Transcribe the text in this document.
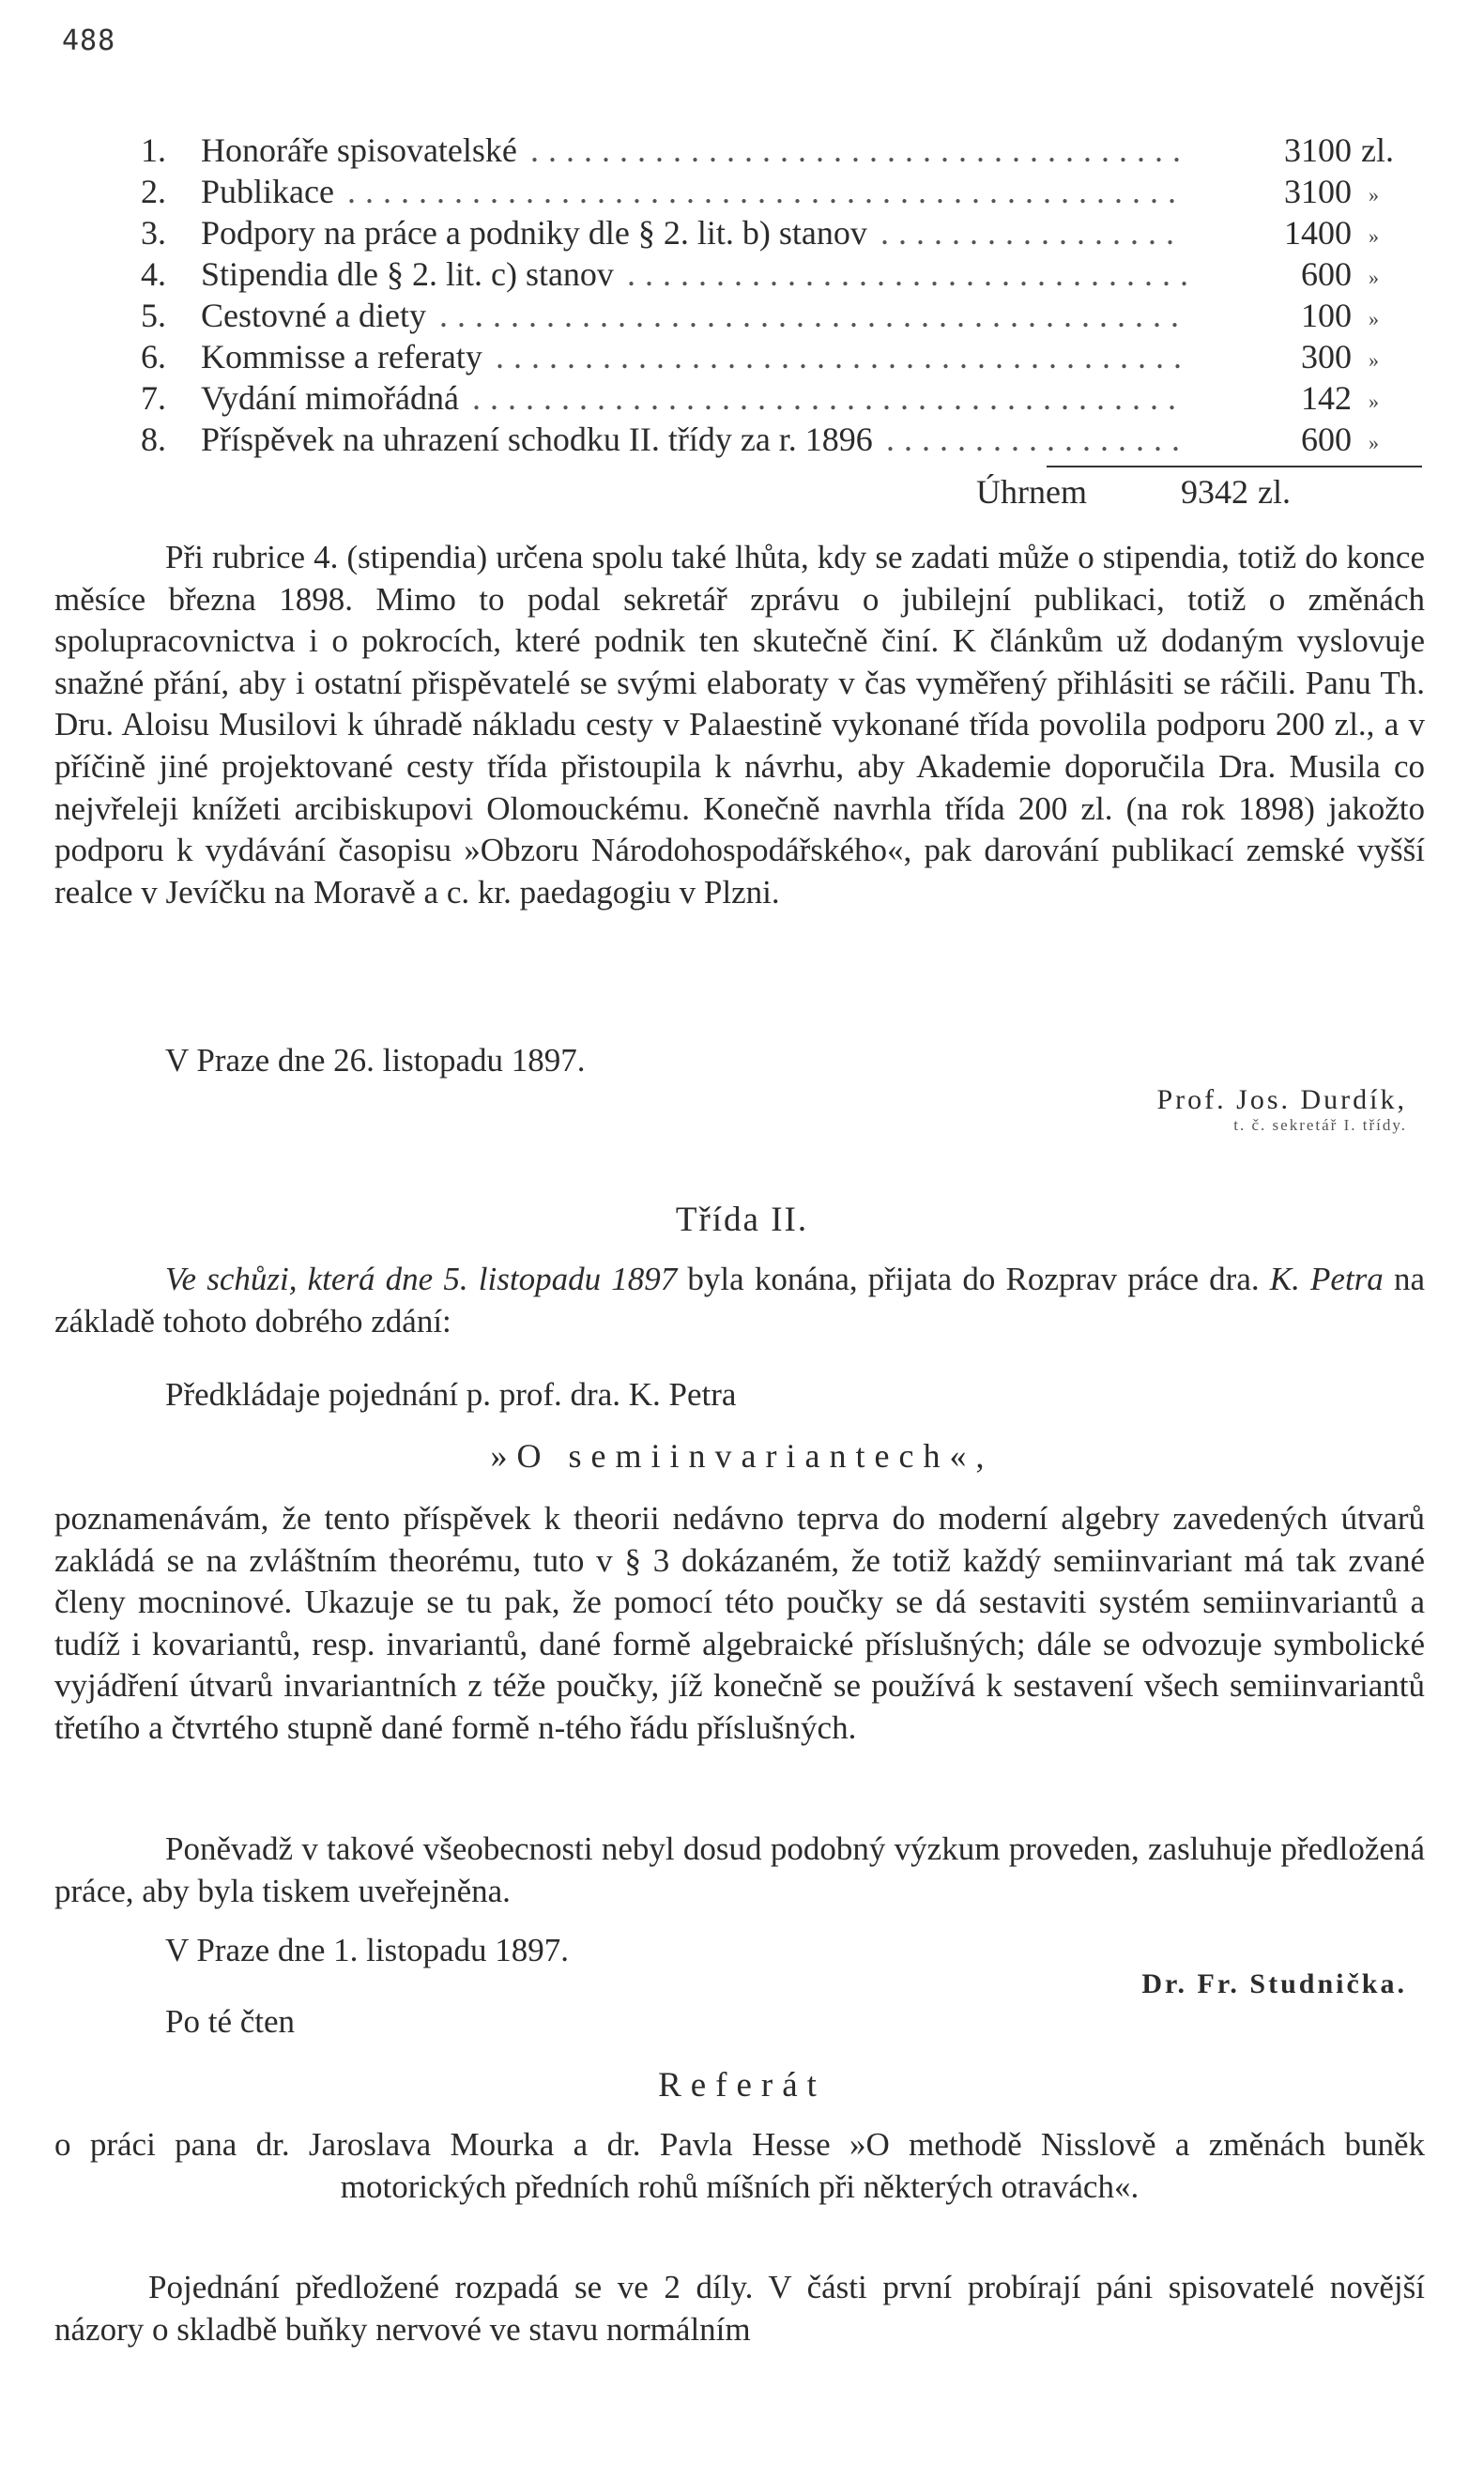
488
1.	Honoráře spisovatelské	3100 zl.
.....................................
2.	Publikace	3100 »
...............................................
3.	Podpory na práce a podniky dle § 2. lit. b) stanov	1400 »
.................
4.	Stipendia dle § 2. lit. c) stanov	600 »
................................
5.	Cestovné a diety	100 »
..........................................
6.	Kommisse a referaty	300 »
.......................................
7.	Vydání mimořádná	142 »
........................................
8.	Příspěvek na uhrazení schodku II. třídy za r. 1896	600 »
.................
Úhrnem	9342 zl.
Při rubrice 4. (stipendia) určena spolu také lhůta, kdy se zadati může o stipendia, totiž do konce měsíce března 1898. Mimo to podal sekretář zprávu o jubilejní publikaci, totiž o změnách spolupracovnictva i o pokrocích, které podnik ten skutečně činí. K článkům už dodaným vyslovuje snažné přání, aby i ostatní přispěvatelé se svými elaboraty v čas vyměřený přihlásiti se ráčili. Panu Th. Dru. Aloisu Musilovi k úhradě nákladu cesty v Palaestině vykonané třída povolila podporu 200 zl., a v příčině jiné projektované cesty třída přistoupila k návrhu, aby Akademie doporučila Dra. Musila co nejvřeleji knížeti arcibiskupovi Olomouckému. Konečně navrhla třída 200 zl. (na rok 1898) jakožto podporu k vydávání časopisu »Obzoru Národohospodářského«, pak darování publikací zemské vyšší realce v Jevíčku na Moravě a c. kr. paedagogiu v Plzni.
V Praze dne 26. listopadu 1897.
Prof. Jos. Durdík,
t. č. sekretář I. třídy.
Třída II.
Ve schůzi, která dne 5. listopadu 1897 byla konána, přijata do Rozprav práce dra. K. Petra na základě tohoto dobrého zdání:
Předkládaje pojednání p. prof. dra. K. Petra
»O semiinvariantech«,
poznamenávám, že tento příspěvek k theorii nedávno teprva do moderní algebry zavedených útvarů zakládá se na zvláštním theorému, tuto v § 3 dokázaném, že totiž každý semiinvariant má tak zvané členy mocninové. Ukazuje se tu pak, že pomocí této poučky se dá sestaviti systém semiinvariantů a tudíž i kovariantů, resp. invariantů, dané formě algebraické příslušných; dále se odvozuje symbolické vyjádření útvarů invariantních z téže poučky, jíž konečně se používá k sestavení všech semiinvariantů třetího a čtvrtého stupně dané formě n-tého řádu příslušných.
Poněvadž v takové všeobecnosti nebyl dosud podobný výzkum proveden, zasluhuje předložená práce, aby byla tiskem uveřejněna.
V Praze dne 1. listopadu 1897.
Dr. Fr. Studnička.
Po té čten
Referát
o práci pana dr. Jaroslava Mourka a dr. Pavla Hesse »O methodě Nisslově a změnách buněk motorických předních rohů míšních při některých otravách«.
Pojednání předložené rozpadá se ve 2 díly. V části první probírají páni spisovatelé novější názory o skladbě buňky nervové ve stavu normálním
